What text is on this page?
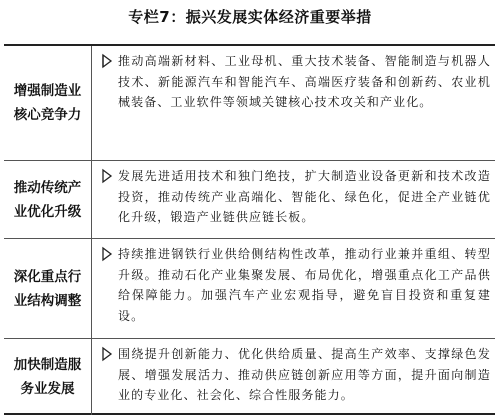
专栏7：振兴发展实体经济重要举措
增强制造业核心竞争力
推动高端新材料、工业母机、重大技术装备、智能制造与机器人技术、新能源汽车和智能汽车、高端医疗装备和创新药、农业机械装备、工业软件等领域关键核心技术攻关和产业化。
推动传统产业优化升级
发展先进适用技术和独门绝技，扩大制造业设备更新和技术改造投资，推动传统产业高端化、智能化、绿色化，促进全产业链优化升级，锻造产业链供应链长板。
深化重点行业结构调整
持续推进钢铁行业供给侧结构性改革，推动行业兼并重组、转型升级。推动石化产业集聚发展、布局优化，增强重点化工产品供给保障能力。加强汽车产业宏观指导，避免盲目投资和重复建设。
加快制造服务业发展
围绕提升创新能力、优化供给质量、提高生产效率、支撑绿色发展、增强发展活力、推动供应链创新应用等方面，提升面向制造业的专业化、社会化、综合性服务能力。
